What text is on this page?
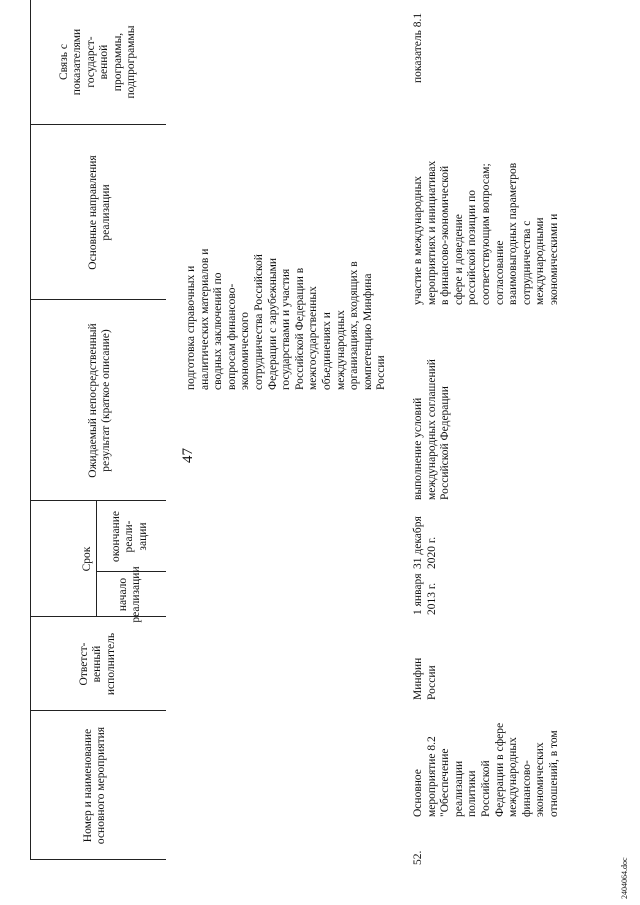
47
Номер и наименование
основного мероприятия
Ответст-
венный
исполнитель
Срок
начало
реализации
окончание
реали-
зации
Ожидаемый непосредственный
результат (краткое описание)
Основные направления
реализации
Связь с
показателями
государст-
венной
программы,
подпрограммы
подготовка справочных и
аналитических материалов и
сводных заключений по
вопросам финансово-
экономического
сотрудничества Российской
Федерации с зарубежными
государствами и участия
Российской Федерации в
межгосударственных
объединениях и
международных
организациях, входящих в
компетенцию Минфина
России
52.
Основное
мероприятие 8.2
"Обеспечение
реализации
политики
Российской
Федерации в сфере
международных
финансово-
экономических
отношений, в том
Минфин
России
1 января
2013 г.
31 декабря
2020 г.
выполнение условий
международных соглашений
Российской Федерации
участие в международных
мероприятиях и инициативах
в финансово-экономической
сфере и доведение
российской позиции по
соответствующим вопросам;
согласование
взаимовыгодных параметров
сотрудничества с
международными
экономическими и
показатель 8.1
2404064.doc
